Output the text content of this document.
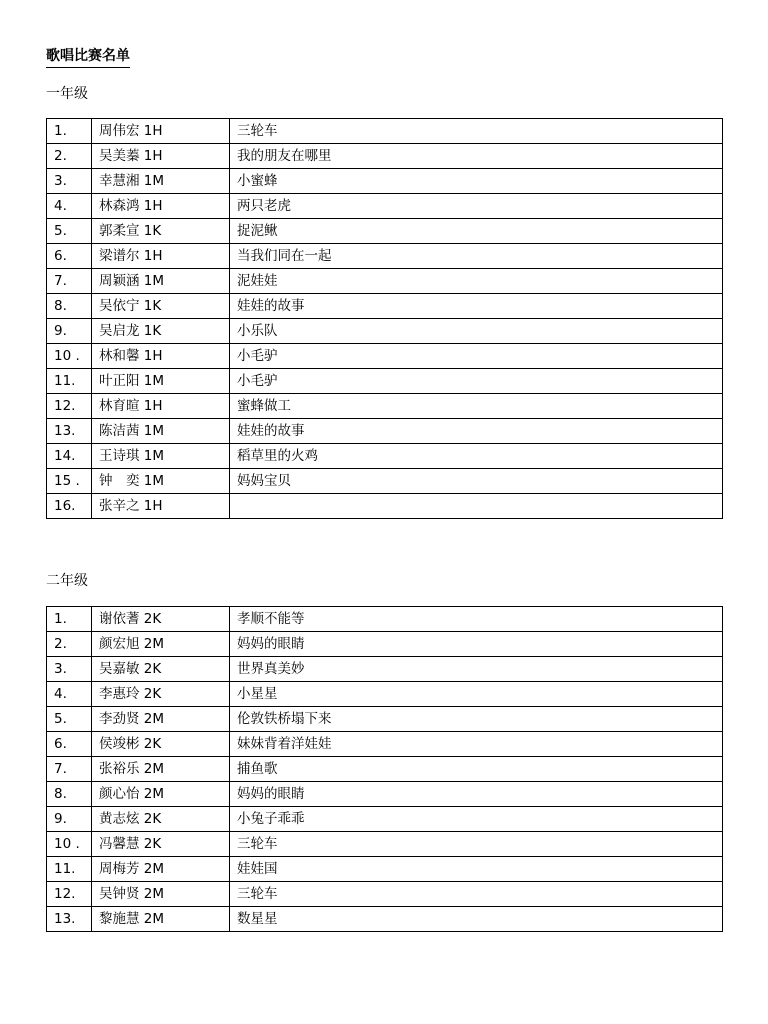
歌唱比赛名单
一年级
1.	周伟宏 1H	三轮车
2.	吴美蓁 1H	我的朋友在哪里
3.	幸慧湘 1M	小蜜蜂
4.	林森鸿 1H	两只老虎
5.	郭柔宣 1K	捉泥鳅
6.	梁谱尔 1H	当我们同在一起
7.	周颖涵 1M	泥娃娃
8.	吴依宁 1K	娃娃的故事
9.	吴启龙 1K	小乐队
10 .	林和馨 1H	小毛驴
11.	叶正阳 1M	小毛驴
12.	林育暄 1H	蜜蜂做工
13.	陈洁茜 1M	娃娃的故事
14.	王诗琪 1M	稻草里的火鸡
15 .	钟　奕 1M	妈妈宝贝
16.	张辛之 1H	
二年级
1.	谢依蓍 2K	孝顺不能等
2.	颜宏旭 2M	妈妈的眼睛
3.	吴嘉敏 2K	世界真美妙
4.	李惠玲 2K	小星星
5.	李劲贤 2M	伦敦铁桥塌下来
6.	侯竣彬 2K	妹妹背着洋娃娃
7.	张裕乐 2M	捕鱼歌
8.	颜心怡 2M	妈妈的眼睛
9.	黄志炫 2K	小兔子乖乖
10 .	冯馨慧 2K	三轮车
11.	周梅芳 2M	娃娃国
12.	吴钟贤 2M	三轮车
13.	黎施慧 2M	数星星
